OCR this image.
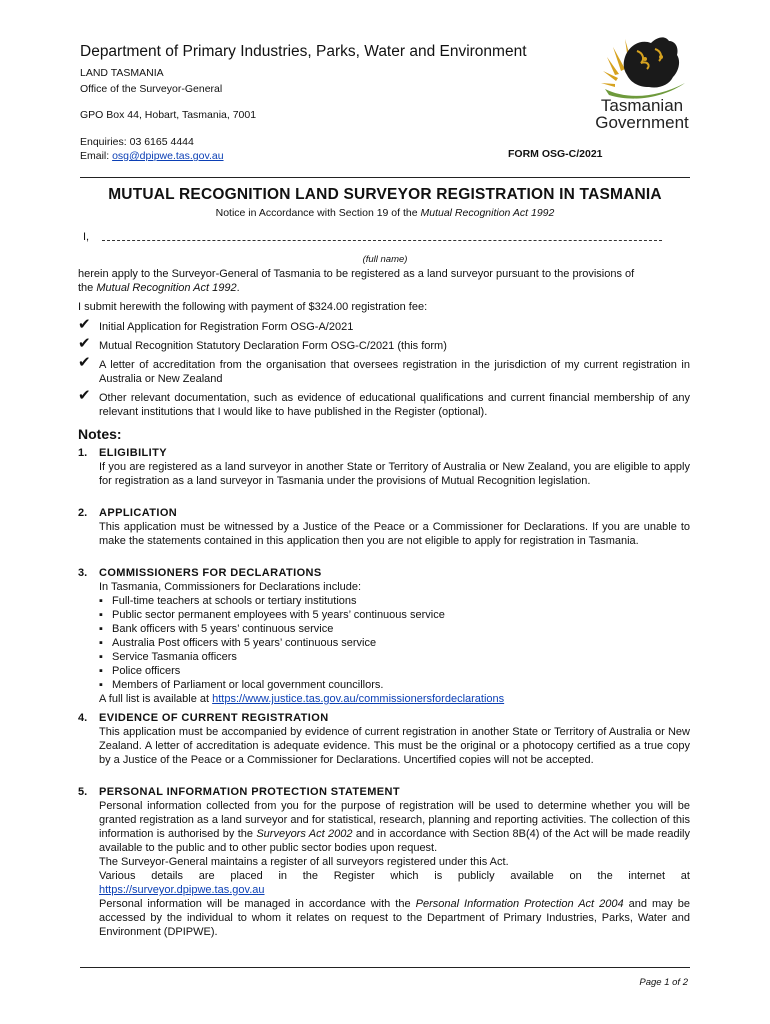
Department of Primary Industries, Parks, Water and Environment
LAND TASMANIA
Office of the Surveyor-General
GPO Box 44, Hobart, Tasmania, 7001
Enquiries: 03 6165 4444
Email: osg@dpipwe.tas.gov.au	FORM OSG-C/2021
Tasmanian
Government
MUTUAL RECOGNITION LAND SURVEYOR REGISTRATION IN TASMANIA
Notice in Accordance with Section 19 of the Mutual Recognition Act 1992
I,
(full name)
herein apply to the Surveyor-General of Tasmania to be registered as a land surveyor pursuant to the provisions of
the Mutual Recognition Act 1992.
I submit herewith the following with payment of $324.00 registration fee:
✔ Initial Application for Registration Form OSG-A/2021
✔ Mutual Recognition Statutory Declaration Form OSG-C/2021 (this form)
✔ A letter of accreditation from the organisation that oversees registration in the jurisdiction of my current registration in Australia or New Zealand
✔ Other relevant documentation, such as evidence of educational qualifications and current financial membership of any relevant institutions that I would like to have published in the Register (optional).
Notes:
1. ELIGIBILITY
If you are registered as a land surveyor in another State or Territory of Australia or New Zealand, you are eligible to apply for registration as a land surveyor in Tasmania under the provisions of Mutual Recognition legislation.
2. APPLICATION
This application must be witnessed by a Justice of the Peace or a Commissioner for Declarations. If you are unable to make the statements contained in this application then you are not eligible to apply for registration in Tasmania.
3. COMMISSIONERS FOR DECLARATIONS
In Tasmania, Commissioners for Declarations include:
▪ Full-time teachers at schools or tertiary institutions
▪ Public sector permanent employees with 5 years’ continuous service
▪ Bank officers with 5 years’ continuous service
▪ Australia Post officers with 5 years’ continuous service
▪ Service Tasmania officers
▪ Police officers
▪ Members of Parliament or local government councillors.
A full list is available at https://www.justice.tas.gov.au/commissionersfordeclarations
4. EVIDENCE OF CURRENT REGISTRATION
This application must be accompanied by evidence of current registration in another State or Territory of Australia or New Zealand. A letter of accreditation is adequate evidence. This must be the original or a photocopy certified as a true copy by a Justice of the Peace or a Commissioner for Declarations. Uncertified copies will not be accepted.
5. PERSONAL INFORMATION PROTECTION STATEMENT
Personal information collected from you for the purpose of registration will be used to determine whether you will be granted registration as a land surveyor and for statistical, research, planning and reporting activities. The collection of this information is authorised by the Surveyors Act 2002 and in accordance with Section 8B(4) of the Act will be made readily available to the public and to other public sector bodies upon request.
The Surveyor-General maintains a register of all surveyors registered under this Act.
Various details are placed in the Register which is publicly available on the internet at
https://surveyor.dpipwe.tas.gov.au
Personal information will be managed in accordance with the Personal Information Protection Act 2004 and may be accessed by the individual to whom it relates on request to the Department of Primary Industries, Parks, Water and Environment (DPIPWE).
Page 1 of 2
